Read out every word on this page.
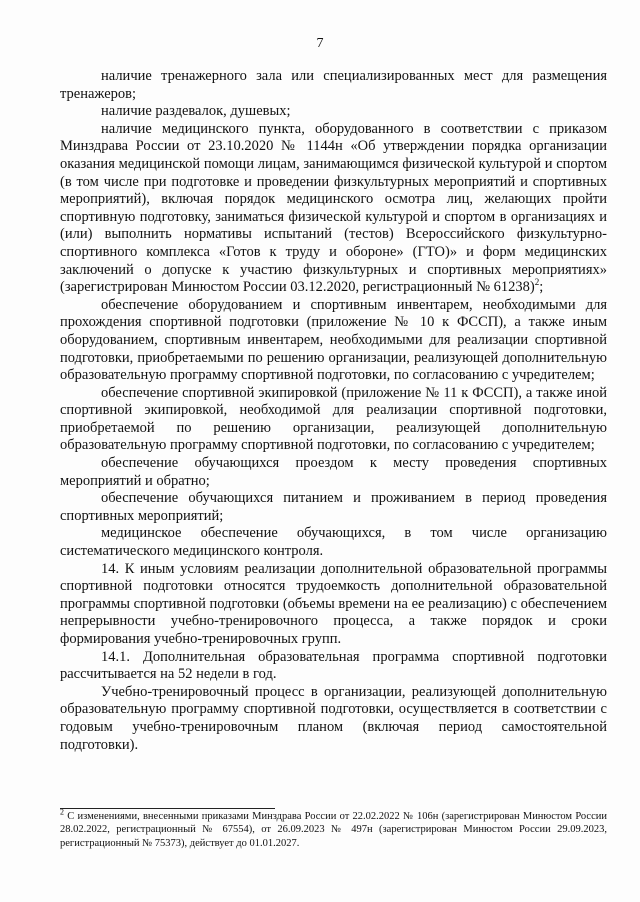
7

наличие тренажерного зала или специализированных мест для размещения тренажеров;

наличие раздевалок, душевых;

наличие медицинского пункта, оборудованного в соответствии с приказом Минздрава России от 23.10.2020 № 1144н «Об утверждении порядка организации оказания медицинской помощи лицам, занимающимся физической культурой и спортом (в том числе при подготовке и проведении физкультурных мероприятий и спортивных мероприятий), включая порядок медицинского осмотра лиц, желающих пройти спортивную подготовку, заниматься физической культурой и спортом в организациях и (или) выполнить нормативы испытаний (тестов) Всероссийского физкультурно-спортивного комплекса «Готов к труду и обороне» (ГТО)» и форм медицинских заключений о допуске к участию физкультурных и спортивных мероприятиях» (зарегистрирован Минюстом России 03.12.2020, регистрационный № 61238)$^2$;

обеспечение оборудованием и спортивным инвентарем, необходимыми для прохождения спортивной подготовки (приложение № 10 к ФССП), а также иным оборудованием, спортивным инвентарем, необходимыми для реализации спортивной подготовки, приобретаемыми по решению организации, реализующей дополнительную образовательную программу спортивной подготовки, по согласованию с учредителем;

обеспечение спортивной экипировкой (приложение № 11 к ФССП), а также иной спортивной экипировкой, необходимой для реализации спортивной подготовки, приобретаемой по решению организации, реализующей дополнительную образовательную программу спортивной подготовки, по согласованию с учредителем;

обеспечение обучающихся проездом к месту проведения спортивных мероприятий и обратно;

обеспечение обучающихся питанием и проживанием в период проведения спортивных мероприятий;

медицинское обеспечение обучающихся, в том числе организацию систематического медицинского контроля.

14. К иным условиям реализации дополнительной образовательной программы спортивной подготовки относятся трудоемкость дополнительной образовательной программы спортивной подготовки (объемы времени на ее реализацию) с обеспечением непрерывности учебно-тренировочного процесса, а также порядок и сроки формирования учебно-тренировочных групп.

14.1. Дополнительная образовательная программа спортивной подготовки рассчитывается на 52 недели в год.

Учебно-тренировочный процесс в организации, реализующей дополнительную образовательную программу спортивной подготовки, осуществляется в соответствии с годовым учебно-тренировочным планом (включая период самостоятельной подготовки).

$^2$ С изменениями, внесенными приказами Минздрава России от 22.02.2022 № 106н (зарегистрирован Минюстом России 28.02.2022, регистрационный № 67554), от 26.09.2023 № 497н (зарегистрирован Минюстом России 29.09.2023, регистрационный № 75373), действует до 01.01.2027.
